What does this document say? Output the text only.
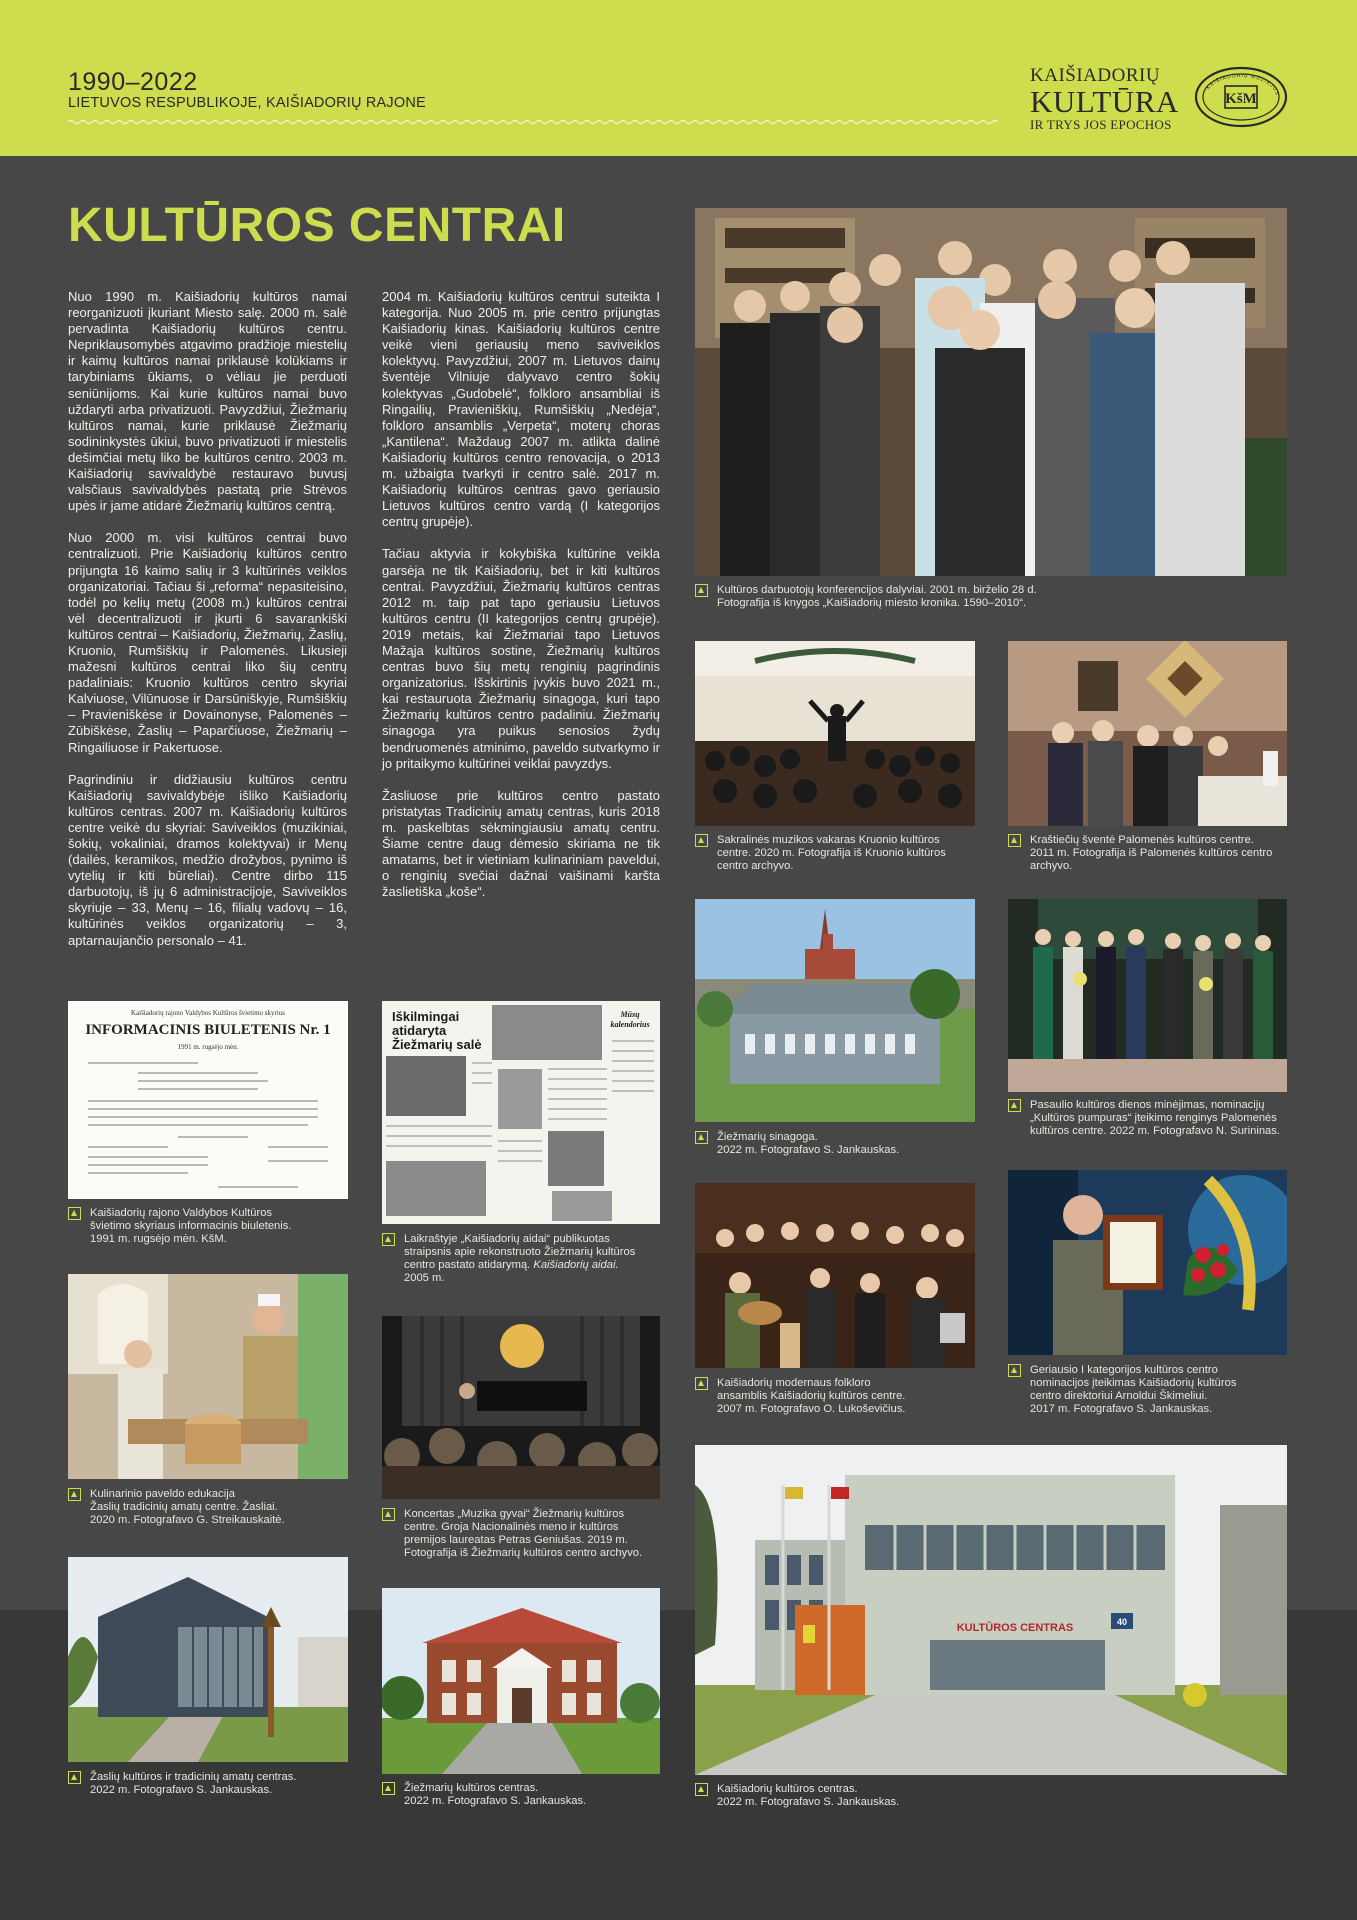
1990–2022
LIETUVOS RESPUBLIKOJE, KAIŠIADORIŲ RAJONE
KAIŠIADORIŲ
KULTŪRA
IR TRYS JOS EPOCHOS
KAIŠIADORIŲ MUZIEJUS
KšM
KULTŪROS CENTRAI

Nuo 1990 m. Kaišiadorių kultūros namai reorganizuoti įkuriant Miesto salę. 2000 m. salė pervadinta Kaišiadorių kultūros centru. Nepriklausomybės atgavimo pradžioje miestelių ir kaimų kultūros namai priklausė kolūkiams ir tarybiniams ūkiams, o vėliau jie perduoti seniūnijoms. Kai kurie kultūros namai buvo uždaryti arba privatizuoti. Pavyzdžiui, Žiežmarių kultūros namai, kurie priklausė Žiežmarių sodininkystės ūkiui, buvo privatizuoti ir miestelis dešimčiai metų liko be kultūros centro. 2003 m. Kaišiadorių savivaldybė restauravo buvusį valsčiaus savivaldybės pastatą prie Strėvos upės ir jame atidarė Žiežmarių kultūros centrą.

Nuo 2000 m. visi kultūros centrai buvo centralizuoti. Prie Kaišiadorių kultūros centro prijungta 16 kaimo salių ir 3 kultūrinės veiklos organizatoriai. Tačiau ši „reforma“ nepasiteisino, todėl po kelių metų (2008 m.) kultūros centrai vėl decentralizuoti ir įkurti 6 savarankiški kultūros centrai – Kaišiadorių, Žiežmarių, Žaslių, Kruonio, Rumšiškių ir Palomenės. Likusieji mažesni kultūros centrai liko šių centrų padaliniais: Kruonio kultūros centro skyriai Kalviuose, Vilūnuose ir Darsūniškyje, Rumšiškių – Pravieniškėse ir Dovainonyse, Palomenės – Zūbiškėse, Žaslių – Paparčiuose, Žiežmarių – Ringailiuose ir Pakertuose.

Pagrindiniu ir didžiausiu kultūros centru Kaišiadorių savivaldybėje išliko Kaišiadorių kultūros centras. 2007 m. Kaišiadorių kultūros centre veikė du skyriai: Saviveiklos (muzikiniai, šokių, vokaliniai, dramos kolektyvai) ir Menų (dailės, keramikos, medžio drožybos, pynimo iš vytelių ir kiti būreliai). Centre dirbo 115 darbuotojų, iš jų 6 administracijoje, Saviveiklos skyriuje – 33, Menų – 16, filialų vadovų – 16, kultūrinės veiklos organizatorių – 3, aptarnaujančio personalo – 41.

2004 m. Kaišiadorių kultūros centrui suteikta I kategorija. Nuo 2005 m. prie centro prijungtas Kaišiadorių kinas. Kaišiadorių kultūros centre veikė vieni geriausių meno saviveiklos kolektyvų. Pavyzdžiui, 2007 m. Lietuvos dainų šventėje Vilniuje dalyvavo centro šokių kolektyvas „Gudobelė“, folkloro ansambliai iš Ringailių, Pravieniškių, Rumšiškių „Nedėja“, folkloro ansamblis „Verpeta“, moterų choras „Kantilena“. Maždaug 2007 m. atlikta dalinė Kaišiadorių kultūros centro renovacija, o 2013 m. užbaigta tvarkyti ir centro salė. 2017 m. Kaišiadorių kultūros centras gavo geriausio Lietuvos kultūros centro vardą (I kategorijos centrų grupėje).

Tačiau aktyvia ir kokybiška kultūrine veikla garsėja ne tik Kaišiadorių, bet ir kiti kultūros centrai. Pavyzdžiui, Žiežmarių kultūros centras 2012 m. taip pat tapo geriausiu Lietuvos kultūros centru (II kategorijos centrų grupėje). 2019 metais, kai Žiežmariai tapo Lietuvos Mažąja kultūros sostine, Žiežmarių kultūros centras buvo šių metų renginių pagrindinis organizatorius. Išskirtinis įvykis buvo 2021 m., kai restauruota Žiežmarių sinagoga, kuri tapo Žiežmarių kultūros centro padaliniu. Žiežmarių sinagoga yra puikus senosios žydų bendruomenės atminimo, paveldo sutvarkymo ir jo pritaikymo kultūrinei veiklai pavyzdys.

Žasliuose prie kultūros centro pastato pristatytas Tradicinių amatų centras, kuris 2018 m. paskelbtas sėkmingiausiu amatų centru. Šiame centre daug dėmesio skiriama ne tik amatams, bet ir vietiniam kulinariniam paveldui, o renginių svečiai dažnai vaišinami karšta žaslietiška „koše“.

Kultūros darbuotojų konferencijos dalyviai. 2001 m. birželio 28 d.
Fotografija iš knygos „Kaišiadorių miesto kronika. 1590–2010“.
Sakralinės muzikos vakaras Kruonio kultūros
centre. 2020 m. Fotografija iš Kruonio kultūros
centro archyvo.
Kraštiečių šventė Palomenės kultūros centre.
2011 m. Fotografija iš Palomenės kultūros centro
archyvo.
Žiežmarių sinagoga.
2022 m. Fotografavo S. Jankauskas.
Pasaulio kultūros dienos minėjimas, nominacijų
„Kultūros pumpuras“ įteikimo renginys Palomenės
kultūros centre. 2022 m. Fotografavo N. Surininas.
Kaišiadorių rajono Valdybos Kultūros švietimo skyrius
INFORMACINIS BIULETENIS Nr. 1
1991 m. rugsėjo mėn.
Kaišiadorių rajono Valdybos Kultūros
švietimo skyriaus informacinis biuletenis.
1991 m. rugsėjo mėn. KšM.
Iškilmingai
atidaryta
Žiežmarių salė
Mūsų
kalendorius
Laikraštyje „Kaišiadorių aidai“ publikuotas
straipsnis apie rekonstruoto Žiežmarių kultūros
centro pastato atidarymą. Kaišiadorių aidai.
2005 m.
Kaišiadorių modernaus folkloro
ansamblis Kaišiadorių kultūros centre.
2007 m. Fotografavo O. Lukoševičius.
Geriausio I kategorijos kultūros centro
nominacijos įteikimas Kaišiadorių kultūros
centro direktoriui Arnoldui Škimeliui.
2017 m. Fotografavo S. Jankauskas.
Kulinarinio paveldo edukacija
Žaslių tradicinių amatų centre. Žasliai.
2020 m. Fotografavo G. Streikauskaitė.	Koncertas „Muzika gyvai“ Žiežmarių kultūros
centre. Groja Nacionalinės meno ir kultūros
premijos laureatas Petras Geniušas. 2019 m.
Fotografija iš Žiežmarių kultūros centro archyvo.
KULTŪROS CENTRAS	40
Kaišiadorių kultūros centras.
2022 m. Fotografavo S. Jankauskas.
Žaslių kultūros ir tradicinių amatų centras.
2022 m. Fotografavo S. Jankauskas.	Žiežmarių kultūros centras.
2022 m. Fotografavo S. Jankauskas.
